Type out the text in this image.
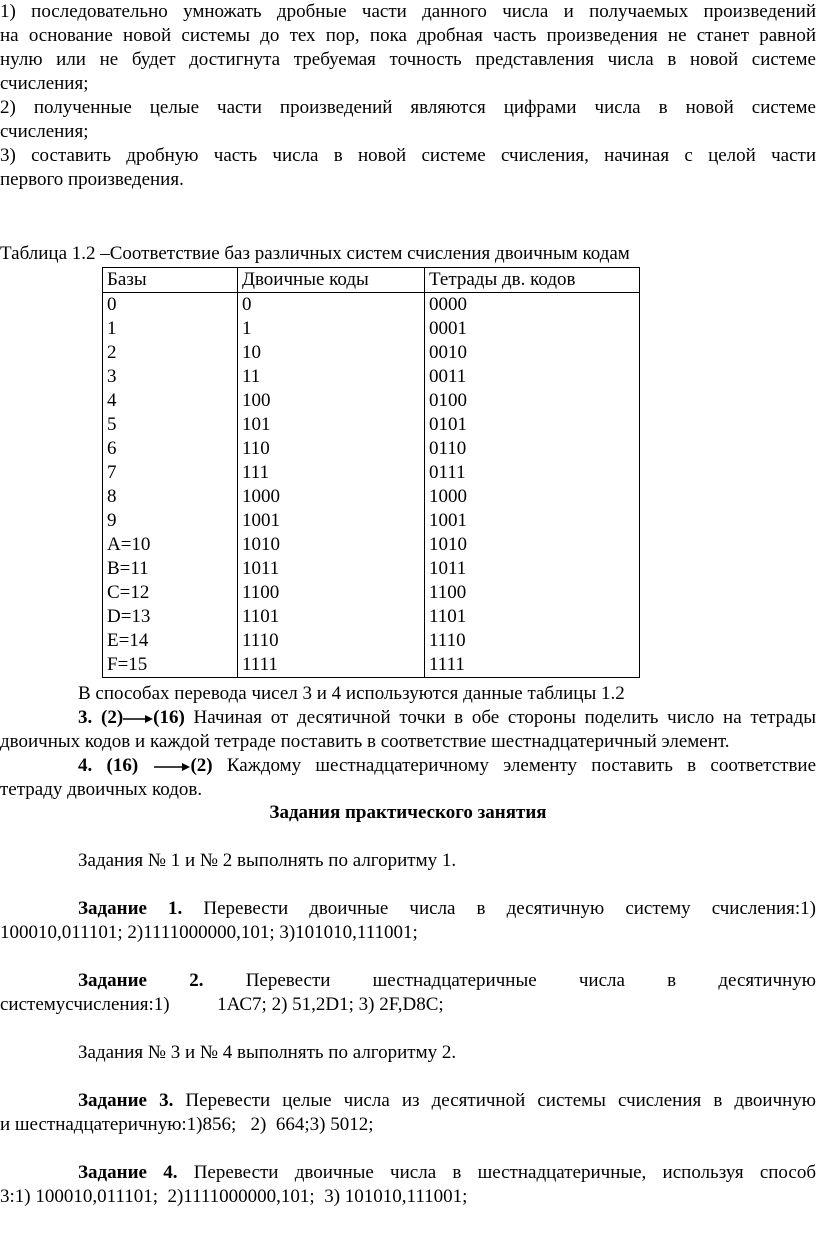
1) последовательно умножать дробные части данного числа и получаемых произведений
на основание новой системы до тех пор, пока дробная часть произведения не станет равной
нулю или не будет достигнута требуемая точность представления числа в новой системе
счисления;
2) полученные целые части произведений являются цифрами числа в новой системе
счисления;
3) составить дробную часть числа в новой системе счисления, начиная с целой части
первого произведения.
Таблица 1.2 –Соответствие баз различных систем счисления двоичным кодам
Базы	Двоичные коды	Тетрады дв. кодов
0	0	0000
1	1	0001
2	10	0010
3	11	0011
4	100	0100
5	101	0101
6	110	0110
7	111	0111
8	1000	1000
9	1001	1001
A=10	1010	1010
B=11	1011	1011
C=12	1100	1100
D=13	1101	1101
E=14	1110	1110
F=15	1111	1111
В способах перевода чисел 3 и 4 используются данные таблицы 1.2
3. (2) (16) Начиная от десятичной точки в обе стороны поделить число на тетрады
двоичных кодов и каждой тетраде поставить в соответствие шестнадцатеричный элемент.
4. (16)	(2) Каждому шестнадцатеричному элементу поставить в соответствие
тетраду двоичных кодов.
Задания практического занятия
Задания № 1 и № 2 выполнять по алгоритму 1.
Задание 1. Перевести двоичные числа в десятичную систему счисления:1)
100010,011101; 2)1111000000,101; 3)101010,111001;
Задание 2. Перевести шестнадцатеричные числа в десятичную
системусчисления:1)          1АС7; 2) 51,2D1; 3) 2F,D8C;
Задания № 3 и № 4 выполнять по алгоритму 2.
Задание 3. Перевести целые числа из десятичной системы счисления в двоичную
и шестнадцатеричную:1)856;   2)  664;3) 5012;
Задание 4. Перевести двоичные числа в шестнадцатеричные, используя способ
3:1) 100010,011101;  2)1111000000,101;  3) 101010,111001;
